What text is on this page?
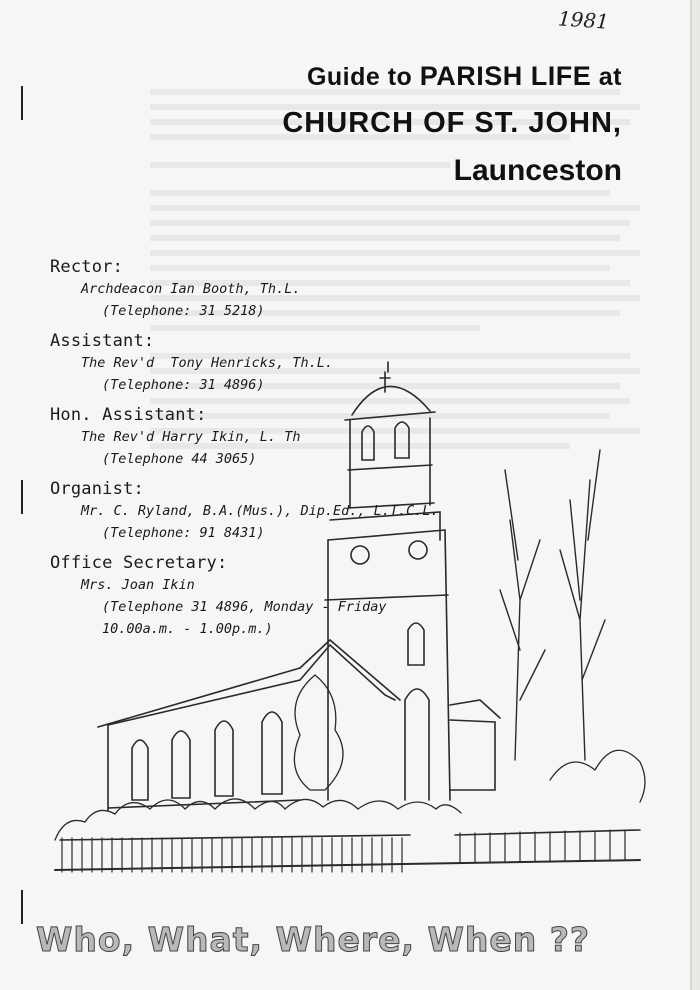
1981
Guide to PARISH LIFE at
CHURCH OF ST. JOHN,
Launceston
Rector:
Archdeacon Ian Booth, Th.L.
(Telephone: 31 5218)
Assistant:
The Rev'd  Tony Henricks, Th.L.
(Telephone: 31 4896)
Hon. Assistant:
The Rev'd Harry Ikin, L. Th
(Telephone 44 3065)
Organist:
Mr. C. Ryland, B.A.(Mus.), Dip.Ed., L.T.C.L.
(Telephone: 91 8431)
Office Secretary:
Mrs. Joan Ikin
(Telephone 31 4896, Monday - Friday
10.00a.m. - 1.00p.m.)
Who, What, Where, When ??
